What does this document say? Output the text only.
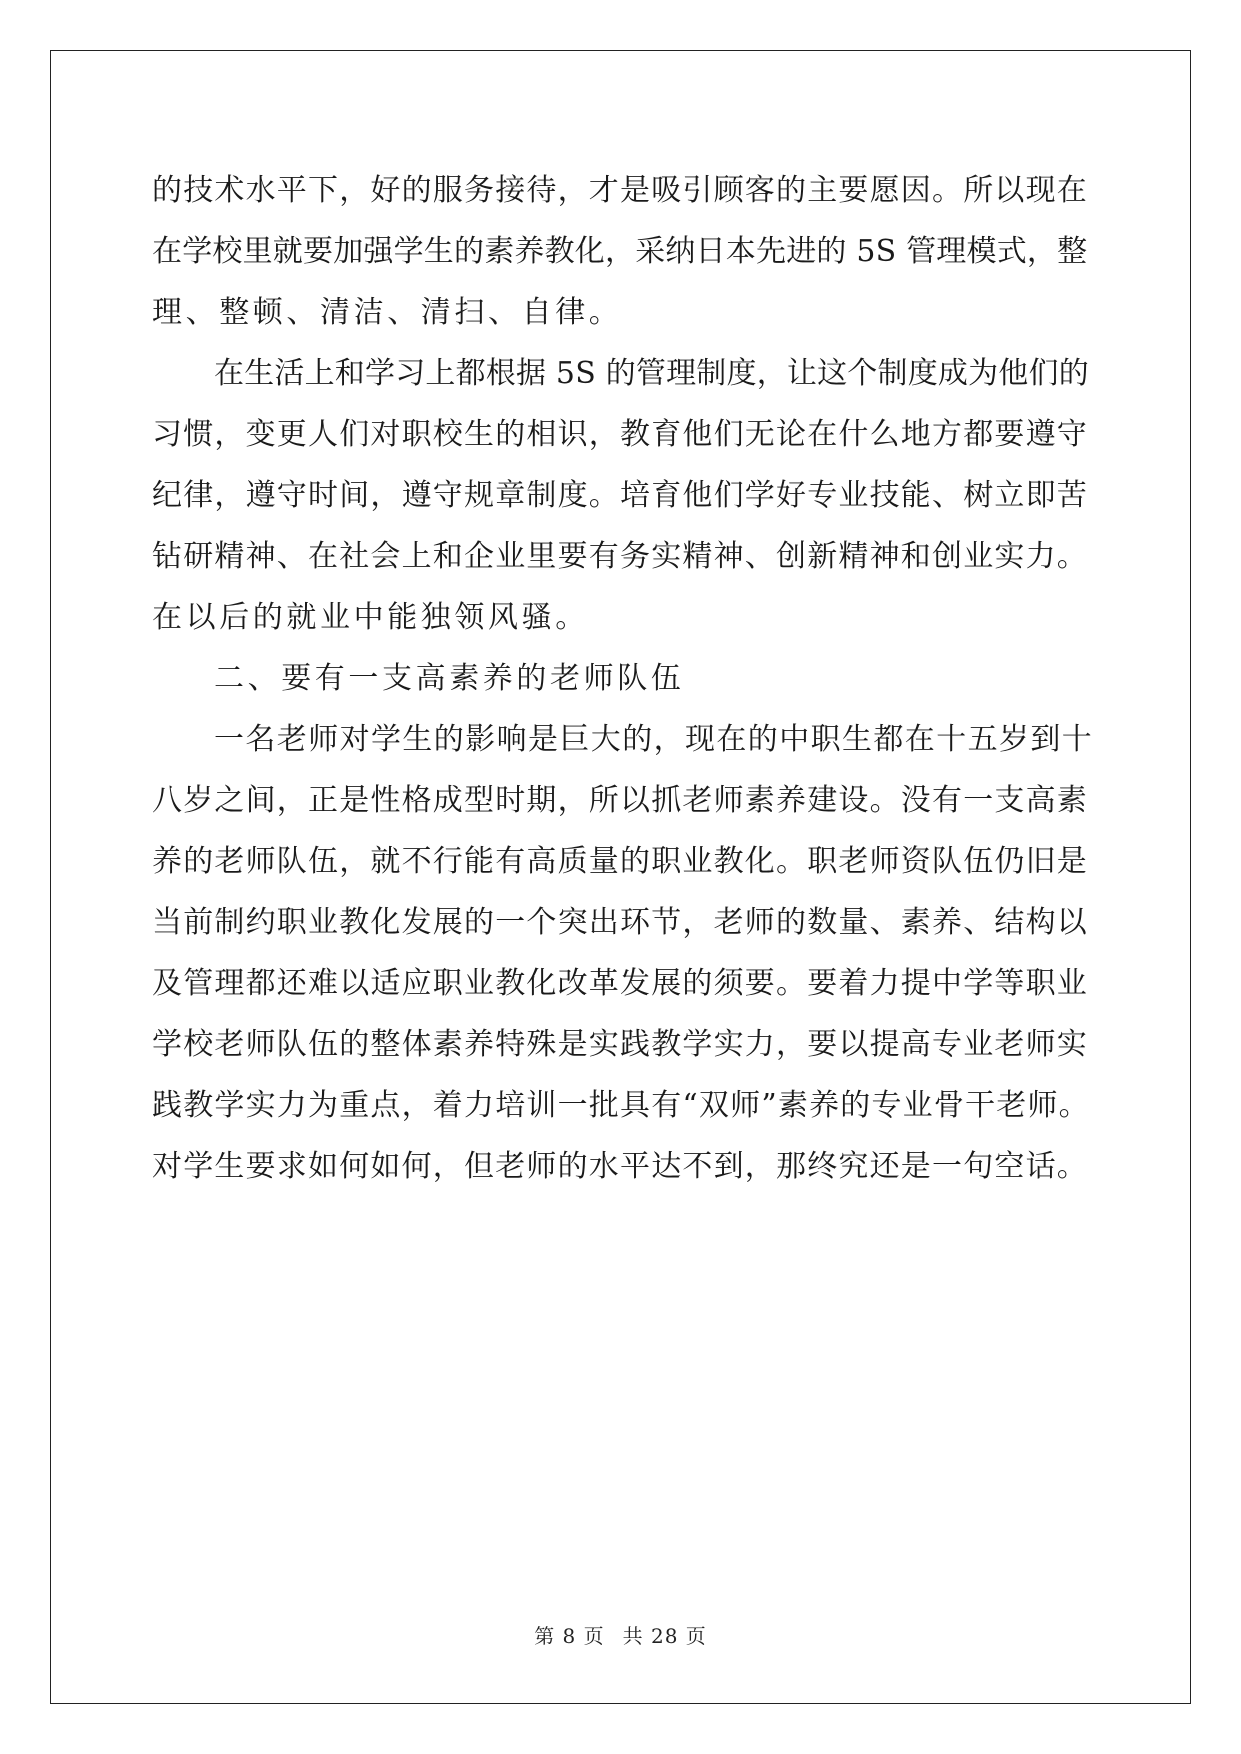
的技术水平下，好的服务接待，才是吸引顾客的主要愿因。所以现在
在学校里就要加强学生的素养教化，采纳日本先进的 5S 管理模式，整
理、整顿、清洁、清扫、自律。
在生活上和学习上都根据 5S 的管理制度，让这个制度成为他们的
习惯，变更人们对职校生的相识，教育他们无论在什么地方都要遵守
纪律，遵守时间，遵守规章制度。培育他们学好专业技能、树立即苦
钻研精神、在社会上和企业里要有务实精神、创新精神和创业实力。
在以后的就业中能独领风骚。
二、要有一支高素养的老师队伍
一名老师对学生的影响是巨大的，现在的中职生都在十五岁到十
八岁之间，正是性格成型时期，所以抓老师素养建设。没有一支高素
养的老师队伍，就不行能有高质量的职业教化。职老师资队伍仍旧是
当前制约职业教化发展的一个突出环节，老师的数量、素养、结构以
及管理都还难以适应职业教化改革发展的须要。要着力提中学等职业
学校老师队伍的整体素养特殊是实践教学实力，要以提高专业老师实
践教学实力为重点，着力培训一批具有“双师”素养的专业骨干老师。
对学生要求如何如何，但老师的水平达不到，那终究还是一句空话。
第 8 页 共 28 页
